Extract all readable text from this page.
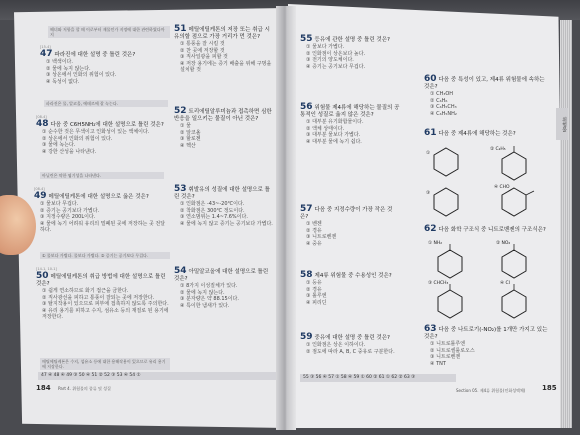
해녀와 저항을 할 때 이로부터 재물인가 지정에 대한 관련하였다까지
[15-4]
47 파라진에 대한 설명 중 틀린 것은?
① 백색이다.
② 물에 녹지 않는다.
③ 상온에서 인화의 위험이 있다.
④ 독성이 없다.
파라진은 물, 알코올, 에테르에 잘 녹는다.
[08-4]
48 다음 중 C6H5NH₂에 대한 설명으로 틀린 것은?
① 순수한 것은 무색이고 인화성이 있는 액체이다.
② 상온에서 인화의 위험이 있다.
③ 물에 녹는다.
④ 강한 산성을 나타낸다.
아닐린은 약한 염기성을 나타낸다.
[08-4]
49 메틸에틸케톤에 대한 설명으로 옳은 것은?
① 물보다 무겁다.
② 증기는 공기보다 가볍다.
③ 지정수량은 200L이다.
④ 물에 녹기 어려워 유리의 밀폐된 곳에 저장하는 곳 전달하다.
① 물보다 가볍다. 물보다 가볍다. ② 증기는 공기보다 무겁다.
[14-1, 10-1]
50 메틸에틸케톤의 취급 방법에 대한 설명으로 틀린 것은?
① 쉽게 연소하므로 화기 접근을 금한다.
② 직사광선을 피하고 통풍이 잘되는 곳에 저장한다.
③ 탈지작용이 있으므로 피부에 접촉하지 않도록 주의한다.
④ 유리 용기를 피하고 수지, 섬유소 등의 재질로 된 용기에 저장한다.
메틸에틸케톤은 수지, 섬유소 등에 대한 용해작용이 있으므로 유리 용기에 저장한다.
47 ④ 48 ④ 49 ③ 50 ④ 51 ② 52 ③ 53 ④ 54 ①
184 Part 4. 위험물의 종류 및 성질
51 메틸에틸케톤의 저장 또는 취급 시 유의할 점으로 가장 거리가 먼 것은?
① 통풍을 잘 시킬 것
② 찬 곳에 저장할 것
③ 직사일광을 피할 것
④ 저장 용기에는 증기 배출을 위해 구멍을 설치할 것
52 트리에틸알루미늄과 접촉하면 심한 반응을 일으키는 물질이 아닌 것은?
① 물
② 알코올
③ 할로젠
④ 헥산
53 휘발유의 성질에 대한 설명으로 틀린 것은?
① 인화점은 -43~-20℃이다.
② 착화점은 300℃ 정도이다.
③ 연소범위는 1.4~7.6%이다.
④ 물에 녹지 않고 증기는 공기보다 가볍다.
54 아밀알코올에 대한 설명으로 틀린 것은?
① 8가지 이성질체가 있다.
② 물에 녹지 않는다.
③ 분자량은 약 88.15이다.
④ 특이한 냄새가 있다.
55 등유에 관한 설명 중 틀린 것은?
① 물보다 가볍다.
② 인화점이 상온보다 높다.
③ 전기의 양도체이다.
④ 증기는 공기보다 무겁다.
56 위험물 제4류에 해당하는 물질의 공통적인 성질로 옳지 않은 것은?
① 대부분 유기화합물이다.
② 액체 상태이다.
③ 대부분 물보다 가볍다.
④ 대부분 물에 녹기 쉽다.
57 다음 중 지정수량이 가장 작은 것은?
① 벤젠
② 경유
③ 니트로벤젠
④ 중유
58 제4류 위험물 중 수용성인 것은?
① 등유
② 경유
③ 톨루엔
④ 피리딘
59 중유에 대한 설명 중 틀린 것은?
① 인화점은 상온 이하이다.
② 점도에 따라 A, B, C 중유로 구분한다.
60 다음 중 특성이 있고, 제4류 위험물에 속하는 것은?
① CH₃OH
② C₆H₆
③ C₆H₅CH₃
④ C₆H₅NH₂
61 다음 중 제4류에 해당하는 것은?
①
② C₂H₅
③
④ CHO
62 다음 화학 구조식 중 니트로벤젠의 구조식은?
① NH₂	② NO₂
③ CHCH₃	④ Cl
63 다음 중 나트로기(-NO₂)를 1개만 가지고 있는 것은?
① 니트로톨루엔
② 니트로셀룰로오스
③ 니트로벤젠
④ TNT
55 ③ 56 ④ 57 ① 58 ④ 59 ① 60 ② 61 ① 62 ② 63 ③
Section 05. 제4류 위험물(인화성액체) 185
위험물
